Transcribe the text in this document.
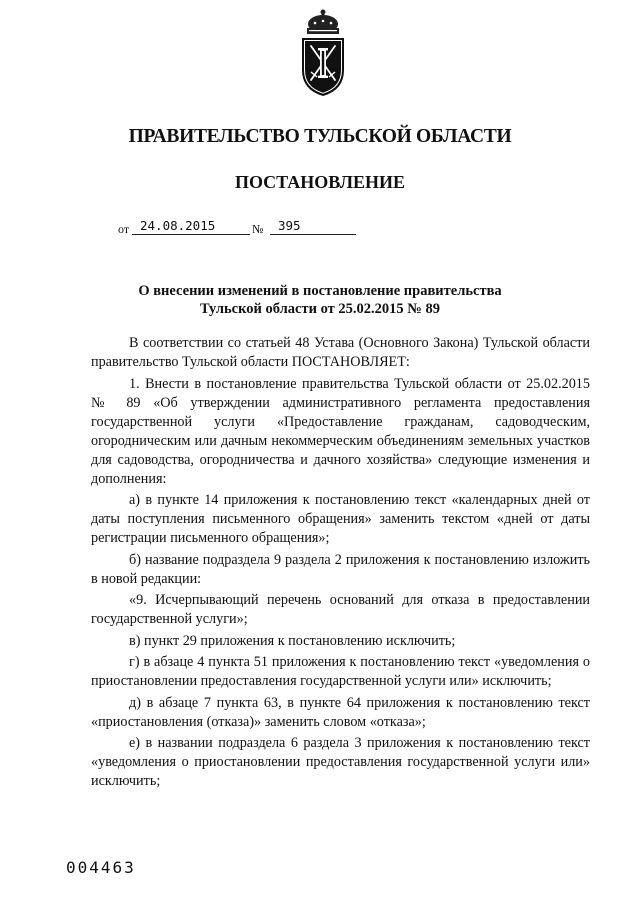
ПРАВИТЕЛЬСТВО ТУЛЬСКОЙ ОБЛАСТИ
ПОСТАНОВЛЕНИЕ
от 24.08.2015	№ 395
О внесении изменений в постановление правительства
Тульской области от 25.02.2015 № 89

В соответствии со статьей 48 Устава (Основного Закона) Тульской области правительство Тульской области ПОСТАНОВЛЯЕТ:

1. Внести в постановление правительства Тульской области от 25.02.2015 № 89 «Об утверждении административного регламента предоставления государственной услуги «Предоставление гражданам, садоводческим, огородническим или дачным некоммерческим объединениям земельных участков для садоводства, огородничества и дачного хозяйства» следующие изменения и дополнения:

а) в пункте 14 приложения к постановлению текст «календарных дней от даты поступления письменного обращения» заменить текстом «дней от даты регистрации письменного обращения»;

б) название подраздела 9 раздела 2 приложения к постановлению изложить в новой редакции:

«9. Исчерпывающий перечень оснований для отказа в предоставлении государственной услуги»;

в) пункт 29 приложения к постановлению исключить;

г) в абзаце 4 пункта 51 приложения к постановлению текст «уведомления о приостановлении предоставления государственной услуги или» исключить;

д) в абзаце 7 пункта 63, в пункте 64 приложения к постановлению текст «приостановления (отказа)» заменить словом «отказа»;

е) в названии подраздела 6 раздела 3 приложения к постановлению текст «уведомления о приостановлении предоставления государственной услуги или» исключить;

004463
